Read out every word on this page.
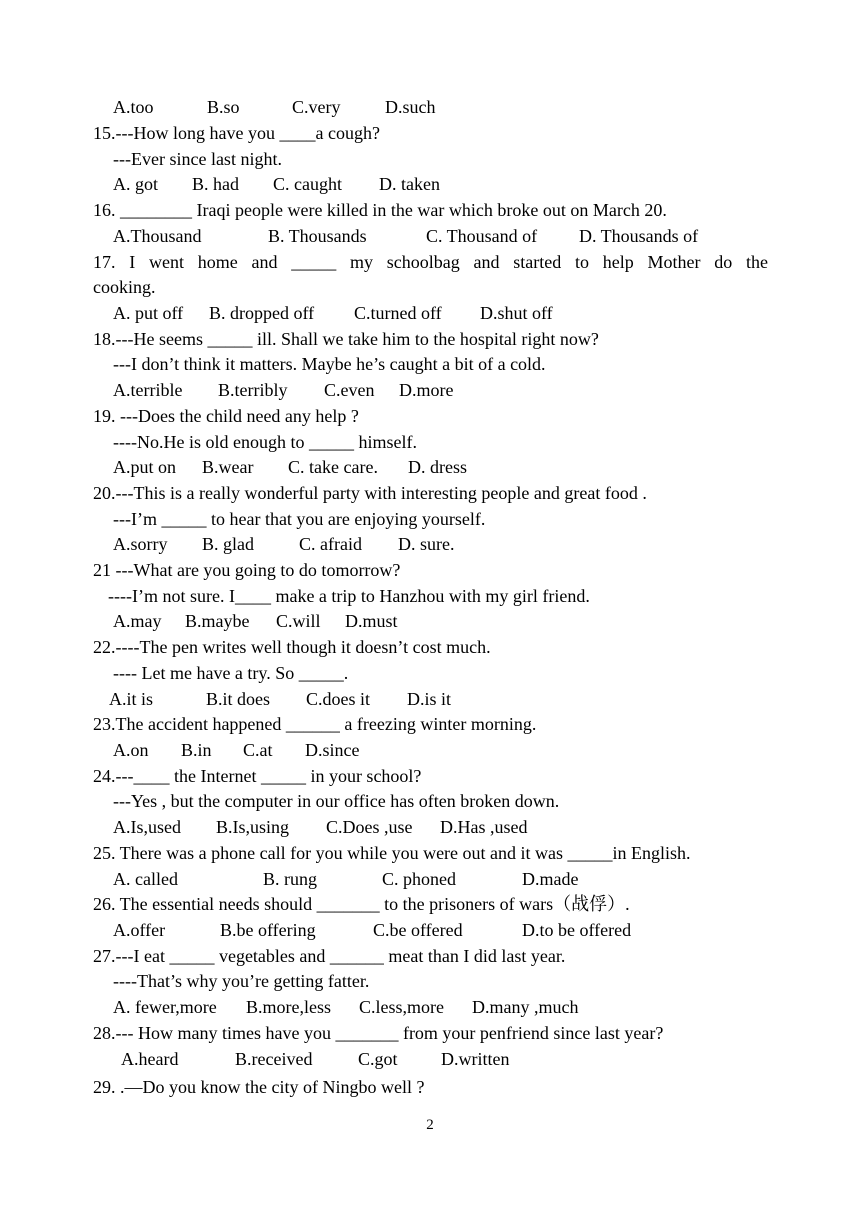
A.too	B.so	C.very D.such
15.---How long have you ____a cough?
---Ever since last night.
A. got B. had C. caught D. taken
16. ________ Iraqi people were killed in the war which broke out on March 20.
A.Thousand	B. Thousands	C. Thousand of D. Thousands of
17. I went home and _____ my schoolbag and started to help Mother do the
cooking.
A. put off B. dropped off C.turned off D.shut off
18.---He seems _____ ill. Shall we take him to the hospital right now?
---I don’t think it matters. Maybe he’s caught a bit of a cold.
A.terrible B.terribly C.even D.more
19. ---Does the child need any help ?
----No.He is old enough to _____ himself.
A.put on B.wear C. take care. D. dress
20.---This is a really wonderful party with interesting people and great food .
---I’m _____ to hear that you are enjoying yourself.
A.sorry B. glad	C. afraid D. sure.
21 ---What are you going to do tomorrow?
----I’m not sure. I____ make a trip to Hanzhou with my girl friend.
A.may B.maybe C.will D.must
22.----The pen writes well though it doesn’t cost much.
---- Let me have a try. So _____.
A.it is	B.it does C.does it D.is it
23.The accident happened ______ a freezing winter morning.
A.on B.in C.at D.since
24.---____ the Internet _____ in your school?
---Yes , but the computer in our office has often broken down.
A.Is,used B.Is,using C.Does ,use D.Has ,used
25. There was a phone call for you while you were out and it was _____in English.
A. called	B. rung	C. phoned	D.made
26. The essential needs should _______ to the prisoners of wars（战俘）.
A.offer	B.be offering	C.be offered	D.to be offered
27.---I eat _____ vegetables and ______ meat than I did last year.
----That’s why you’re getting fatter.
A. fewer,more B.more,less C.less,more D.many ,much
28.--- How many times have you _______ from your penfriend since last year?
A.heard	B.received	C.got D.written
29. .—Do you know the city of Ningbo well ?
2
